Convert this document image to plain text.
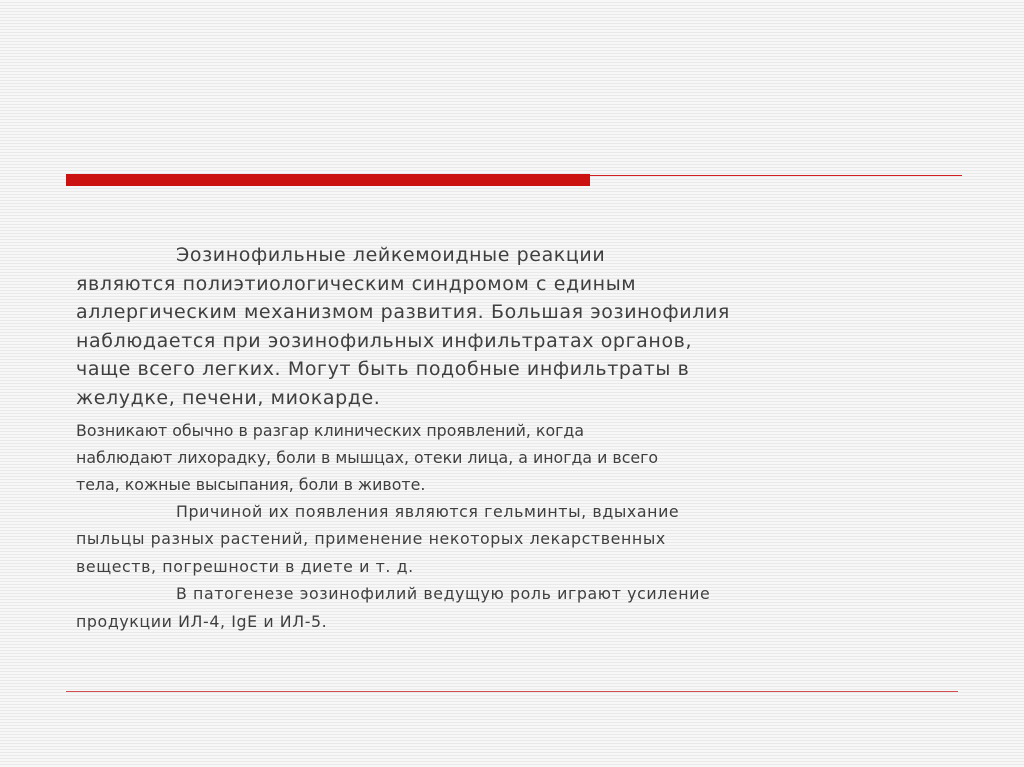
Эозинофильные лейкемоидные реакции
являются полиэтиологическим синдромом с единым
аллергическим механизмом развития. Большая эозинофилия
наблюдается при эозинофильных инфильтратах органов,
чаще всего легких. Могут быть подобные инфильтраты в
желудке, печени, миокарде.

Возникают обычно в разгар клинических проявлений, когда
наблюдают лихорадку, боли в мышцах, отеки лица, а иногда и всего
тела, кожные высыпания, боли в животе.

Причиной их появления являются гельминты, вдыхание
пыльцы разных растений, применение некоторых лекарственных
веществ, погрешности в диете и т. д.

В патогенезе эозинофилий ведущую роль играют усиление
продукции ИЛ-4, IgE и ИЛ-5.
